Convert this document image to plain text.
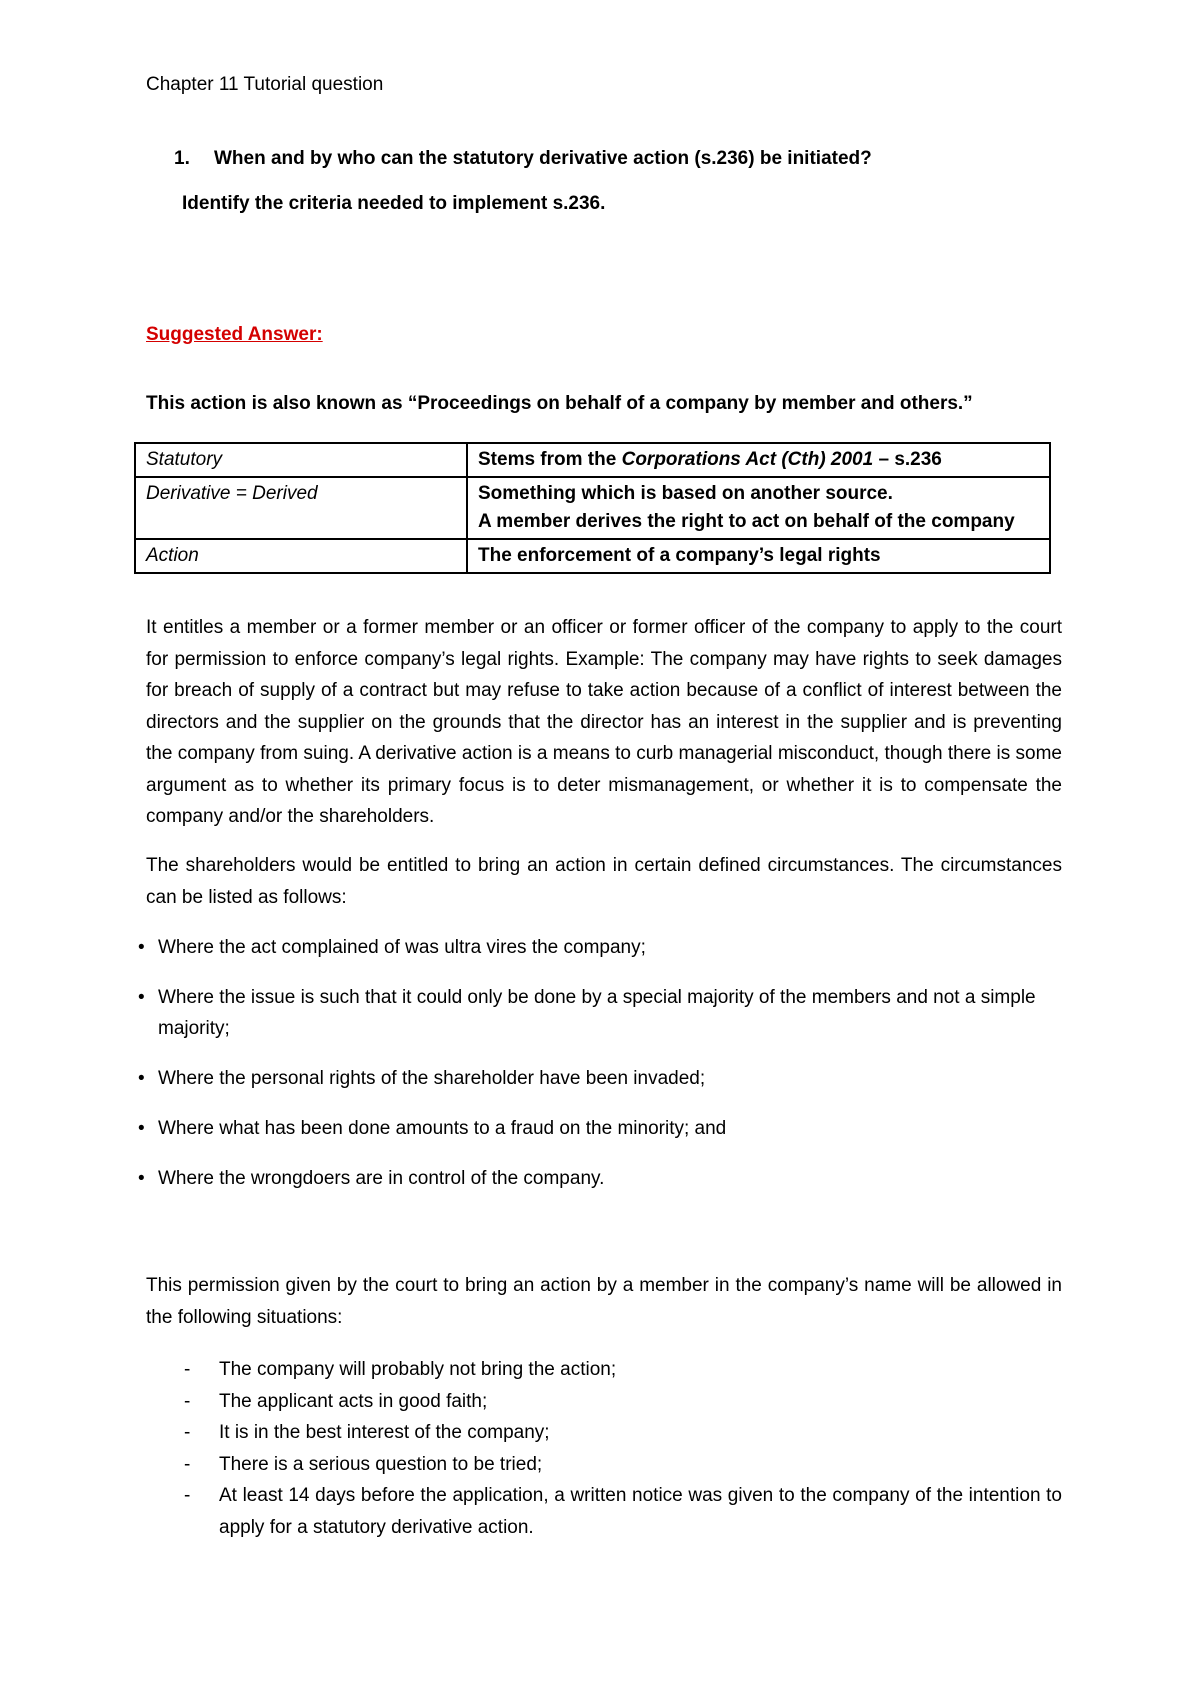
Chapter 11 Tutorial question
1. When and by who can the statutory derivative action (s.236) be initiated?
Identify the criteria needed to implement s.236.
Suggested Answer:
This action is also known as “Proceedings on behalf of a company by member and others.”
Statutory	Stems from the Corporations Act (Cth) 2001 – s.236
Derivative = Derived	Something which is based on another source.
A member derives the right to act on behalf of the company

Action	The enforcement of a company’s legal rights
It entitles a member or a former member or an officer or former officer of the company to apply to the court for permission to enforce company’s legal rights. Example: The company may have rights to seek damages for breach of supply of a contract but may refuse to take action because of a conflict of interest between the directors and the supplier on the grounds that the director has an interest in the supplier and is preventing the company from suing. A derivative action is a means to curb managerial misconduct, though there is some argument as to whether its primary focus is to deter mismanagement, or whether it is to compensate the company and/or the shareholders.
The shareholders would be entitled to bring an action in certain defined circumstances. The circumstances can be listed as follows:
• Where the act complained of was ultra vires the company;
• Where the issue is such that it could only be done by a special majority of the members and not a simple majority;
• Where the personal rights of the shareholder have been invaded;
• Where what has been done amounts to a fraud on the minority; and
• Where the wrongdoers are in control of the company.
This permission given by the court to bring an action by a member in the company’s name will be allowed in the following situations:
- The company will probably not bring the action;
- The applicant acts in good faith;
- It is in the best interest of the company;
- There is a serious question to be tried;
- At least 14 days before the application, a written notice was given to the company of the intention to apply for a statutory derivative action.
